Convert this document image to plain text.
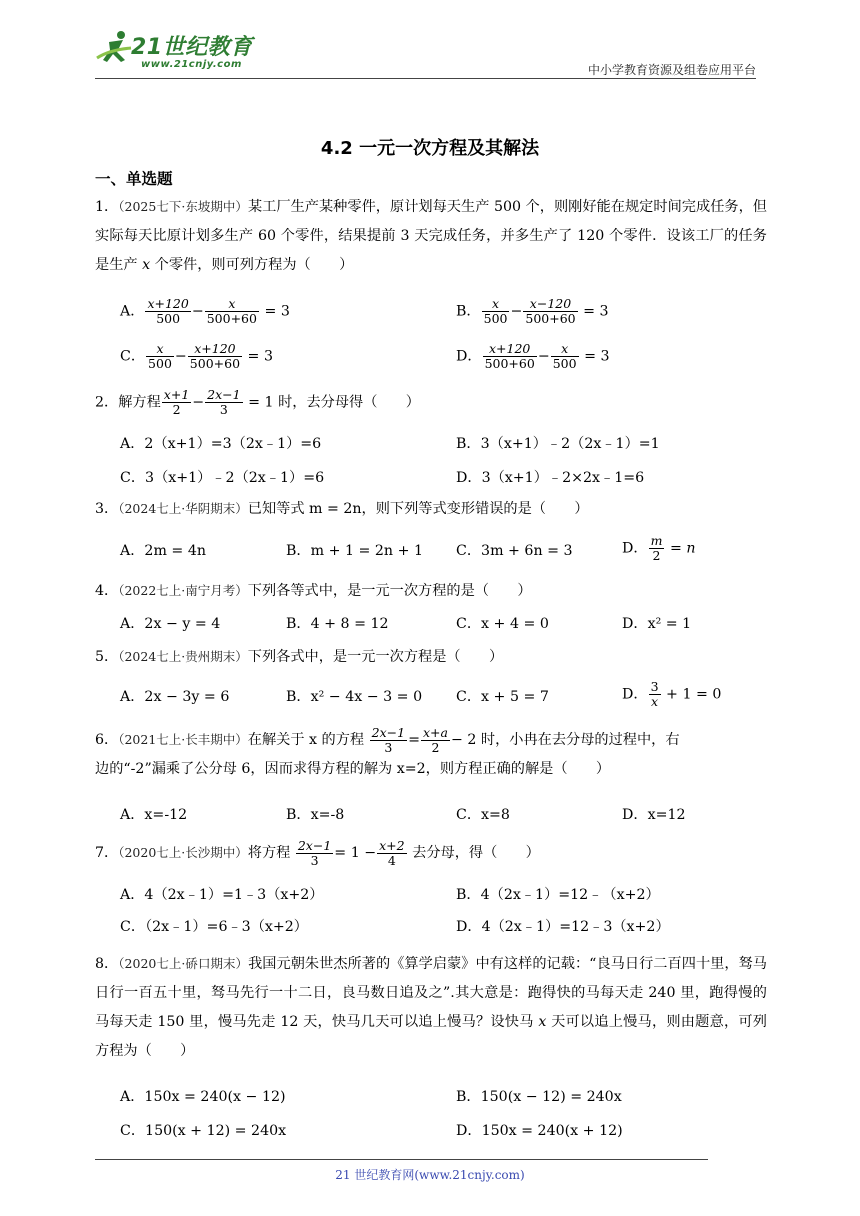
21世纪教育
www.21cnjy.com	中小学教育资源及组卷应用平台
4.2 一元一次方程及其解法
一、单选题
1．（2025七下·东坡期中）某工厂生产某种零件，原计划每天生产 500 个，则刚好能在规定时间完成任务，但实际每天比原计划多生产 60 个零件，结果提前 3 天完成任务，并多生产了 120 个零件．设该工厂的任务是生产 x 个零件，则可列方程为（　　）
A． $\frac{x+120}{500} - \frac{x}{500+60} = 3$	B． $\frac{x}{500} - \frac{x-120}{500+60} = 3$
C． $\frac{x}{500} - \frac{x+120}{500+60} = 3$	D． $\frac{x+120}{500+60} - \frac{x}{500} = 3$
2．解方程 $\frac{x+1}{2} - \frac{2x-1}{3} = 1$ 时，去分母得（　　）
A．2（x+1）=3（2x﹣1）=6	B．3（x+1）﹣2（2x﹣1）=1
C．3（x+1）﹣2（2x﹣1）=6	D．3（x+1）﹣2×2x﹣1=6
3．（2024七上·华阴期末）已知等式 m = 2n，则下列等式变形错误的是（　　）
A．2m = 4n	B．m + 1 = 2n + 1 C．3m + 6n = 3	D． $\frac{m}{2} = n$
4．（2022七上·南宁月考）下列各等式中，是一元一次方程的是（　　）
A．2x − y = 4	B．4 + 8 = 12	C．x + 4 = 0	D．x² = 1
5．（2024七上·贵州期末）下列各式中，是一元一次方程是（　　）
A．2x − 3y = 6	B．x² − 4x − 3 = 0 C．x + 5 = 7	D． $\frac{3}{x} + 1 = 0$
6．（2021七上·长丰期中）在解关于 x 的方程 $\frac{2x-1}{3} = \frac{x+a}{2} - 2$ 时，小冉在去分母的过程中，右
边的“-2”漏乘了公分母 6，因而求得方程的解为 x=2，则方程正确的解是（　　）
A．x=-12	B．x=-8	C．x=8	D．x=12
7．（2020七上·长沙期中）将方程 $\frac{2x-1}{3} = 1 - \frac{x+2}{4}$ 去分母，得（　　）
A．4（2x﹣1）=1﹣3（x+2）	B．4（2x﹣1）=12﹣（x+2）
C．（2x﹣1）=6﹣3（x+2）	D．4（2x﹣1）=12﹣3（x+2）
8．（2020七上·硚口期末）我国元朝朱世杰所著的《算学启蒙》中有这样的记载：“良马日行二百四十里，驽马日行一百五十里，驽马先行一十二日，良马数日追及之”.其大意是：跑得快的马每天走 240 里，跑得慢的马每天走 150 里，慢马先走 12 天，快马几天可以追上慢马？设快马 x 天可以追上慢马，则由题意，可列方程为（　　）
A．150x = 240(x − 12)	B．150(x − 12) = 240x
C．150(x + 12) = 240x	D．150x = 240(x + 12)
21 世纪教育网(www.21cnjy.com)
